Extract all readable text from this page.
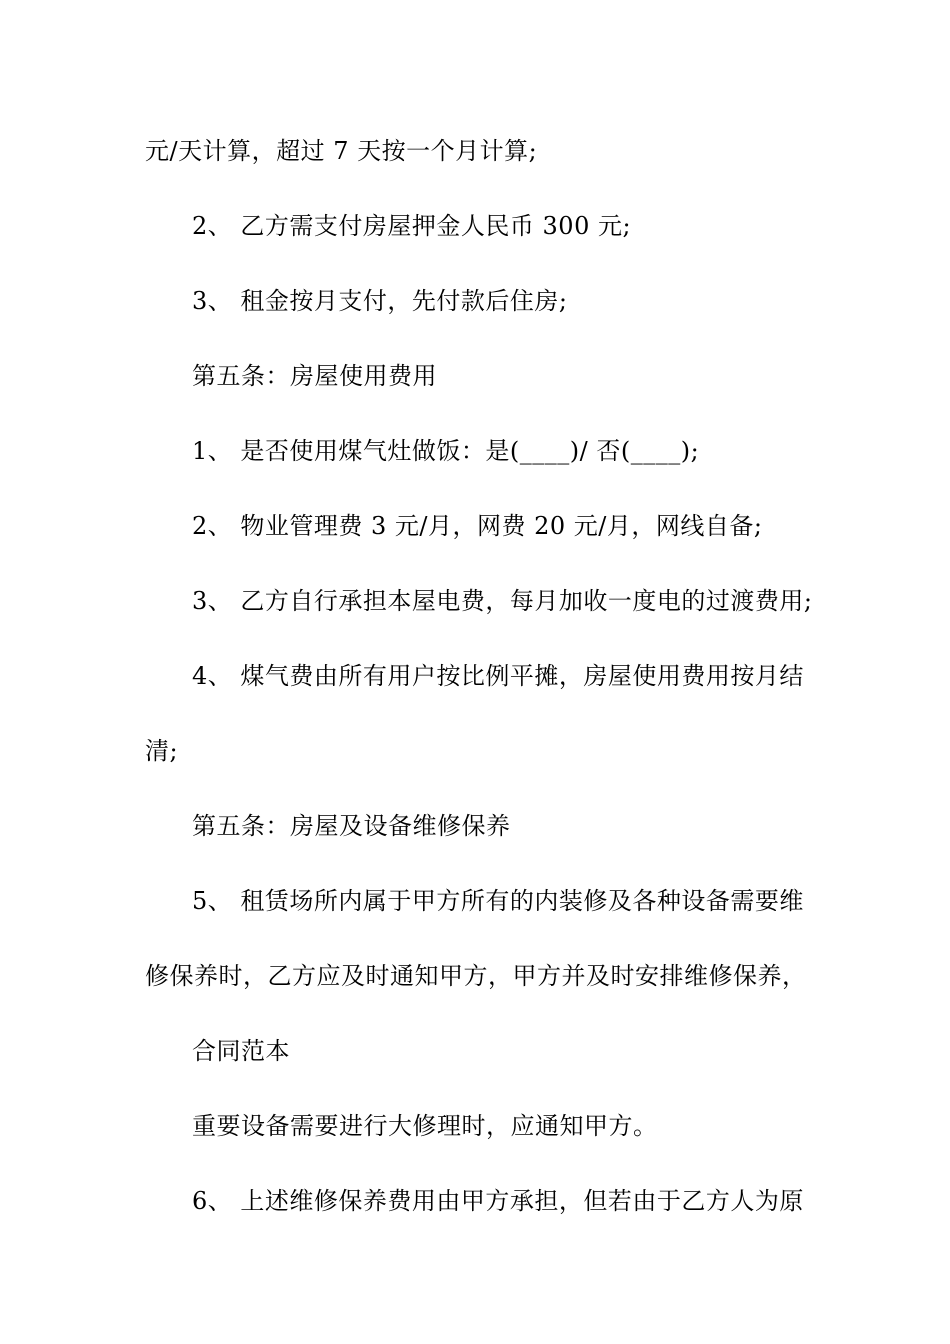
元/天计算，超过 7 天按一个月计算;
2、 乙方需支付房屋押金人民币 300 元;
3、 租金按月支付，先付款后住房;
第五条：房屋使用费用
1、 是否使用煤气灶做饭：是(____)/ 否(____);
2、 物业管理费 3 元/月，网费 20 元/月，网线自备;
3、 乙方自行承担本屋电费，每月加收一度电的过渡费用;
4、 煤气费由所有用户按比例平摊，房屋使用费用按月结
清;
第五条：房屋及设备维修保养
5、 租赁场所内属于甲方所有的内装修及各种设备需要维
修保养时，乙方应及时通知甲方，甲方并及时安排维修保养，
合同范本
重要设备需要进行大修理时，应通知甲方。
6、 上述维修保养费用由甲方承担，但若由于乙方人为原
